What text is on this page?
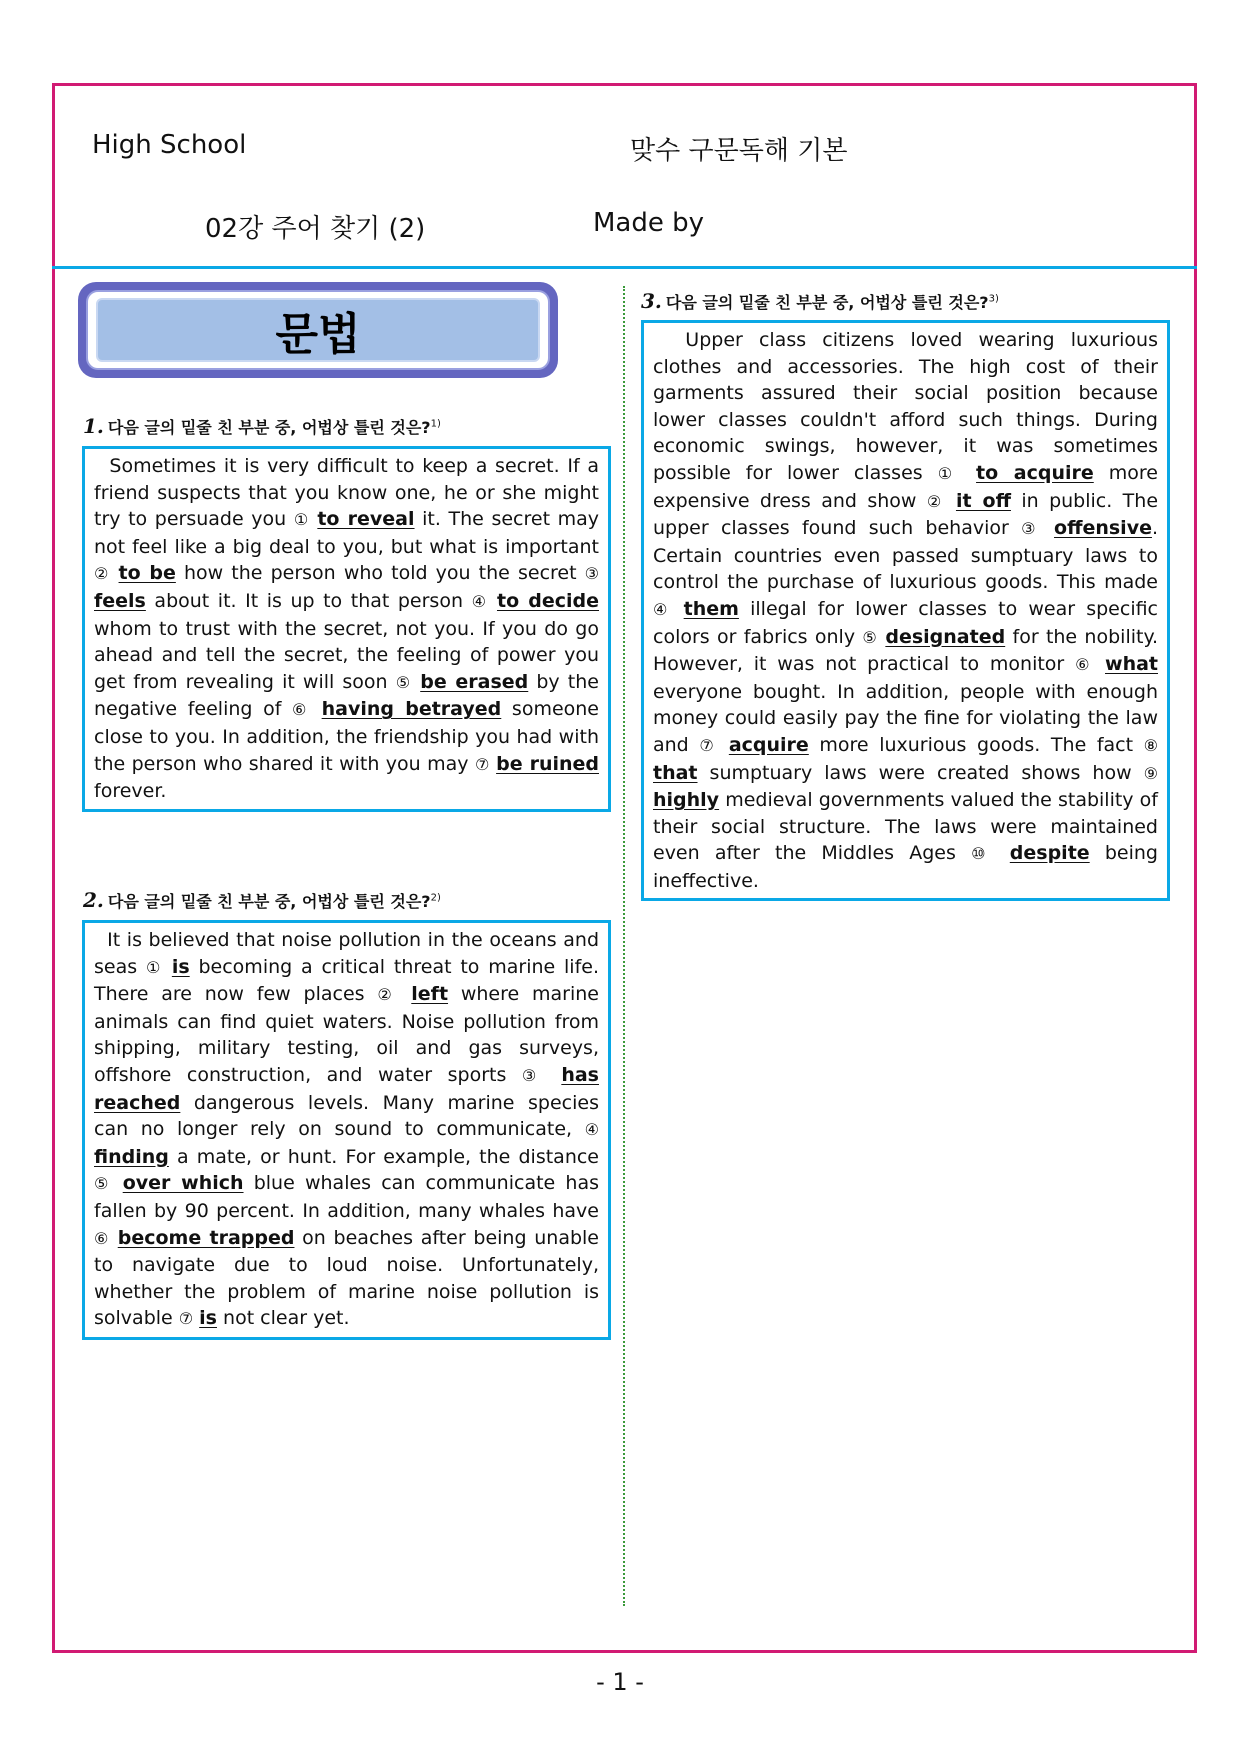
High School	맞수 구문독해 기본
02강 주어 찾기 (2)	Made by
문법
1. 다음 글의 밑줄 친 부분 중, 어법상 틀린 것은?$^{1)}$
Sometimes it is very difficult to keep a secret. If a friend suspects that you know one, he or she might try to persuade you ① to reveal it. The secret may not feel like a big deal to you, but what is important ② to be how the person who told you the secret ③ feels about it. It is up to that person ④ to decide whom to trust with the secret, not you. If you do go ahead and tell the secret, the feeling of power you get from revealing it will soon ⑤ be erased by the negative feeling of ⑥ having betrayed someone close to you. In addition, the friendship you had with the person who shared it with you may ⑦ be ruined forever.
2. 다음 글의 밑줄 친 부분 중, 어법상 틀린 것은?$^{2)}$
It is believed that noise pollution in the oceans and seas ① is becoming a critical threat to marine life. There are now few places ② left where marine animals can find quiet waters. Noise pollution from shipping, military testing, oil and gas surveys, offshore construction, and water sports ③ has reached dangerous levels. Many marine species can no longer rely on sound to communicate, ④ finding a mate, or hunt. For example, the distance ⑤ over which blue whales can communicate has fallen by 90 percent. In addition, many whales have ⑥ become trapped on beaches after being unable to navigate due to loud noise. Unfortunately, whether the problem of marine noise pollution is solvable ⑦ is not clear yet.
3. 다음 글의 밑줄 친 부분 중, 어법상 틀린 것은?$^{3)}$
Upper class citizens loved wearing luxurious clothes and accessories. The high cost of their garments assured their social position because lower classes couldn't afford such things. During economic swings, however, it was sometimes possible for lower classes ① to acquire more expensive dress and show ② it off in public. The upper classes found such behavior ③ offensive. Certain countries even passed sumptuary laws to control the purchase of luxurious goods. This made ④ them illegal for lower classes to wear specific colors or fabrics only ⑤ designated for the nobility. However, it was not practical to monitor ⑥ what everyone bought. In addition, people with enough money could easily pay the fine for violating the law and ⑦ acquire more luxurious goods. The fact ⑧ that sumptuary laws were created shows how ⑨ highly medieval governments valued the stability of their social structure. The laws were maintained even after the Middles Ages ⑩ despite being ineffective.
- 1 -
